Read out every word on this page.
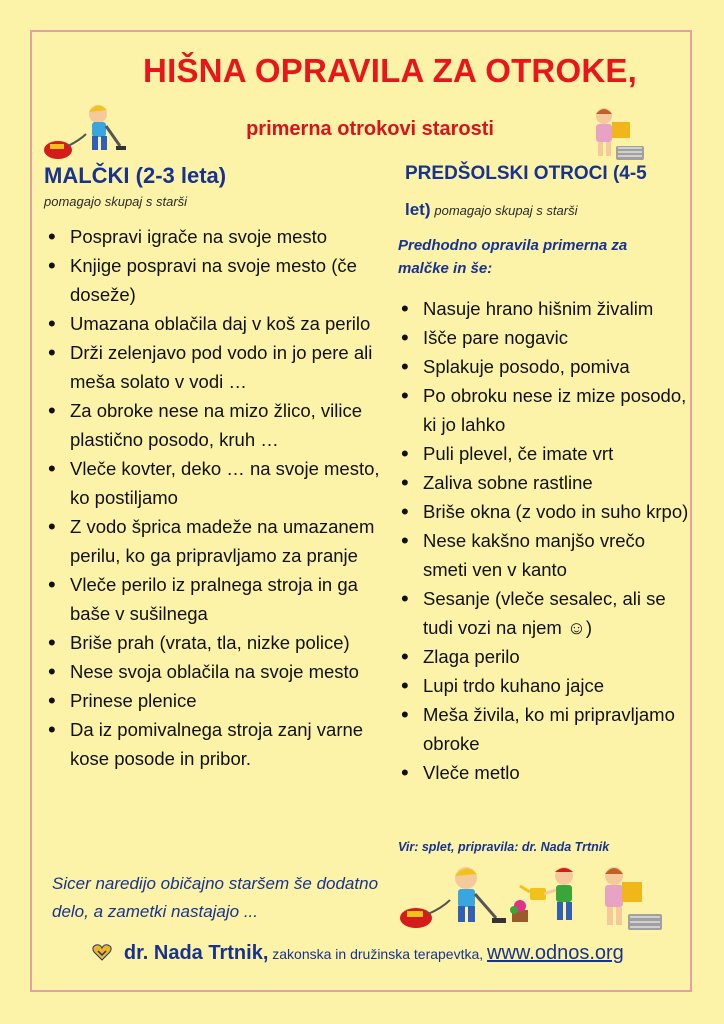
HIŠNA OPRAVILA ZA OTROKE,
primerna otrokovi starosti
MALČKI (2-3 leta)
pomagajo skupaj s starši
PREDŠOLSKI OTROCI (4-5
let) pomagajo skupaj s starši
Predhodno opravila primerna za malčke in še:
• Pospravi igrače na svoje mesto
• Knjige pospravi na svoje mesto (če doseže)
• Umazana oblačila daj v koš za perilo
• Drži zelenjavo pod vodo in jo pere ali meša solato v vodi …
• Za obroke nese na mizo žlico, vilice plastično posodo, kruh …
• Vleče kovter, deko … na svoje mesto, ko postiljamo
• Z vodo šprica madeže na umazanem perilu, ko ga pripravljamo za pranje
• Vleče perilo iz pralnega stroja in ga baše v sušilnega
• Briše prah (vrata, tla, nizke police)
• Nese svoja oblačila na svoje mesto
• Prinese plenice
• Da iz pomivalnega stroja zanj varne kose posode in pribor.
• Nasuje hrano hišnim živalim
• Išče pare nogavic
• Splakuje posodo, pomiva
• Po obroku nese iz mize posodo, ki jo lahko
• Puli plevel, če imate vrt
• Zaliva sobne rastline
• Briše okna (z vodo in suho krpo)
• Nese kakšno manjšo vrečo smeti ven v kanto
• Sesanje (vleče sesalec, ali se tudi vozi na njem ☺)
• Zlaga perilo
• Lupi trdo kuhano jajce
• Meša živila, ko mi pripravljamo obroke
• Vleče metlo
Vir: splet, pripravila: dr. Nada Trtnik
Sicer naredijo običajno staršem še dodatno delo, a zametki nastajajo ...
dr. Nada Trtnik, zakonska in družinska terapevtka, www.odnos.org
